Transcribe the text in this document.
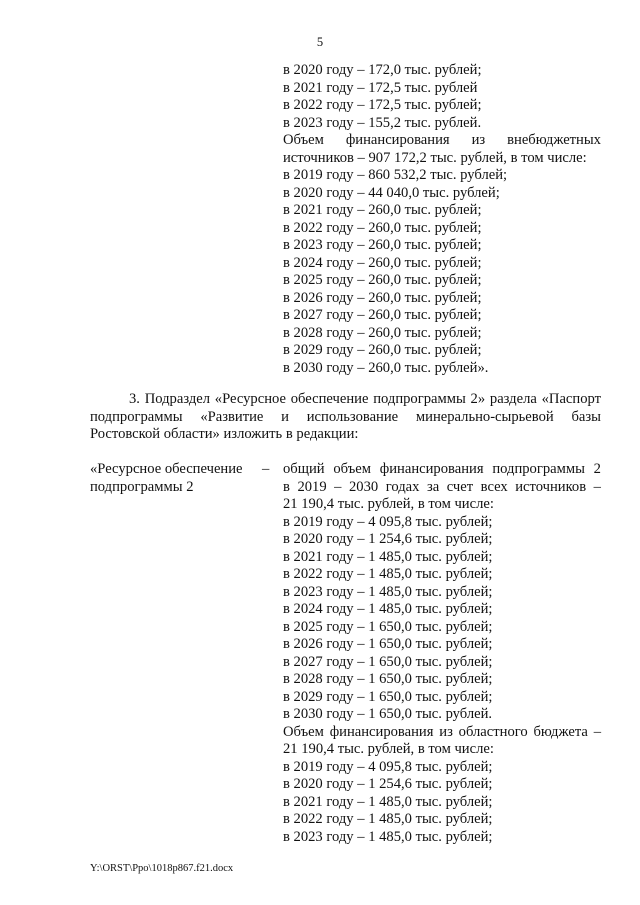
5
в 2020 году – 172,0 тыс. рублей;
в 2021 году – 172,5 тыс. рублей
в 2022 году – 172,5 тыс. рублей;
в 2023 году – 155,2 тыс. рублей.
Объем финансирования из внебюджетных
источников – 907 172,2 тыс. рублей, в том числе:
в 2019 году – 860 532,2 тыс. рублей;
в 2020 году – 44 040,0 тыс. рублей;
в 2021 году – 260,0 тыс. рублей;
в 2022 году – 260,0 тыс. рублей;
в 2023 году – 260,0 тыс. рублей;
в 2024 году – 260,0 тыс. рублей;
в 2025 году – 260,0 тыс. рублей;
в 2026 году – 260,0 тыс. рублей;
в 2027 году – 260,0 тыс. рублей;
в 2028 году – 260,0 тыс. рублей;
в 2029 году – 260,0 тыс. рублей;
в 2030 году – 260,0 тыс. рублей».
3. Подраздел «Ресурсное обеспечение подпрограммы 2» раздела «Паспорт
подпрограммы «Развитие и использование минерально-сырьевой базы
Ростовской области» изложить в редакции:
«Ресурсное обеспечение
подпрограммы 2
– общий объем финансирования подпрограммы 2
в 2019 – 2030 годах за счет всех источников –
21 190,4 тыс. рублей, в том числе:
в 2019 году – 4 095,8 тыс. рублей;
в 2020 году – 1 254,6 тыс. рублей;
в 2021 году – 1 485,0 тыс. рублей;
в 2022 году – 1 485,0 тыс. рублей;
в 2023 году – 1 485,0 тыс. рублей;
в 2024 году – 1 485,0 тыс. рублей;
в 2025 году – 1 650,0 тыс. рублей;
в 2026 году – 1 650,0 тыс. рублей;
в 2027 году – 1 650,0 тыс. рублей;
в 2028 году – 1 650,0 тыс. рублей;
в 2029 году – 1 650,0 тыс. рублей;
в 2030 году – 1 650,0 тыс. рублей.
Объем финансирования из областного бюджета –
21 190,4 тыс. рублей, в том числе:
в 2019 году – 4 095,8 тыс. рублей;
в 2020 году – 1 254,6 тыс. рублей;
в 2021 году – 1 485,0 тыс. рублей;
в 2022 году – 1 485,0 тыс. рублей;
в 2023 году – 1 485,0 тыс. рублей;
Y:\ORST\Ppo\1018p867.f21.docx
